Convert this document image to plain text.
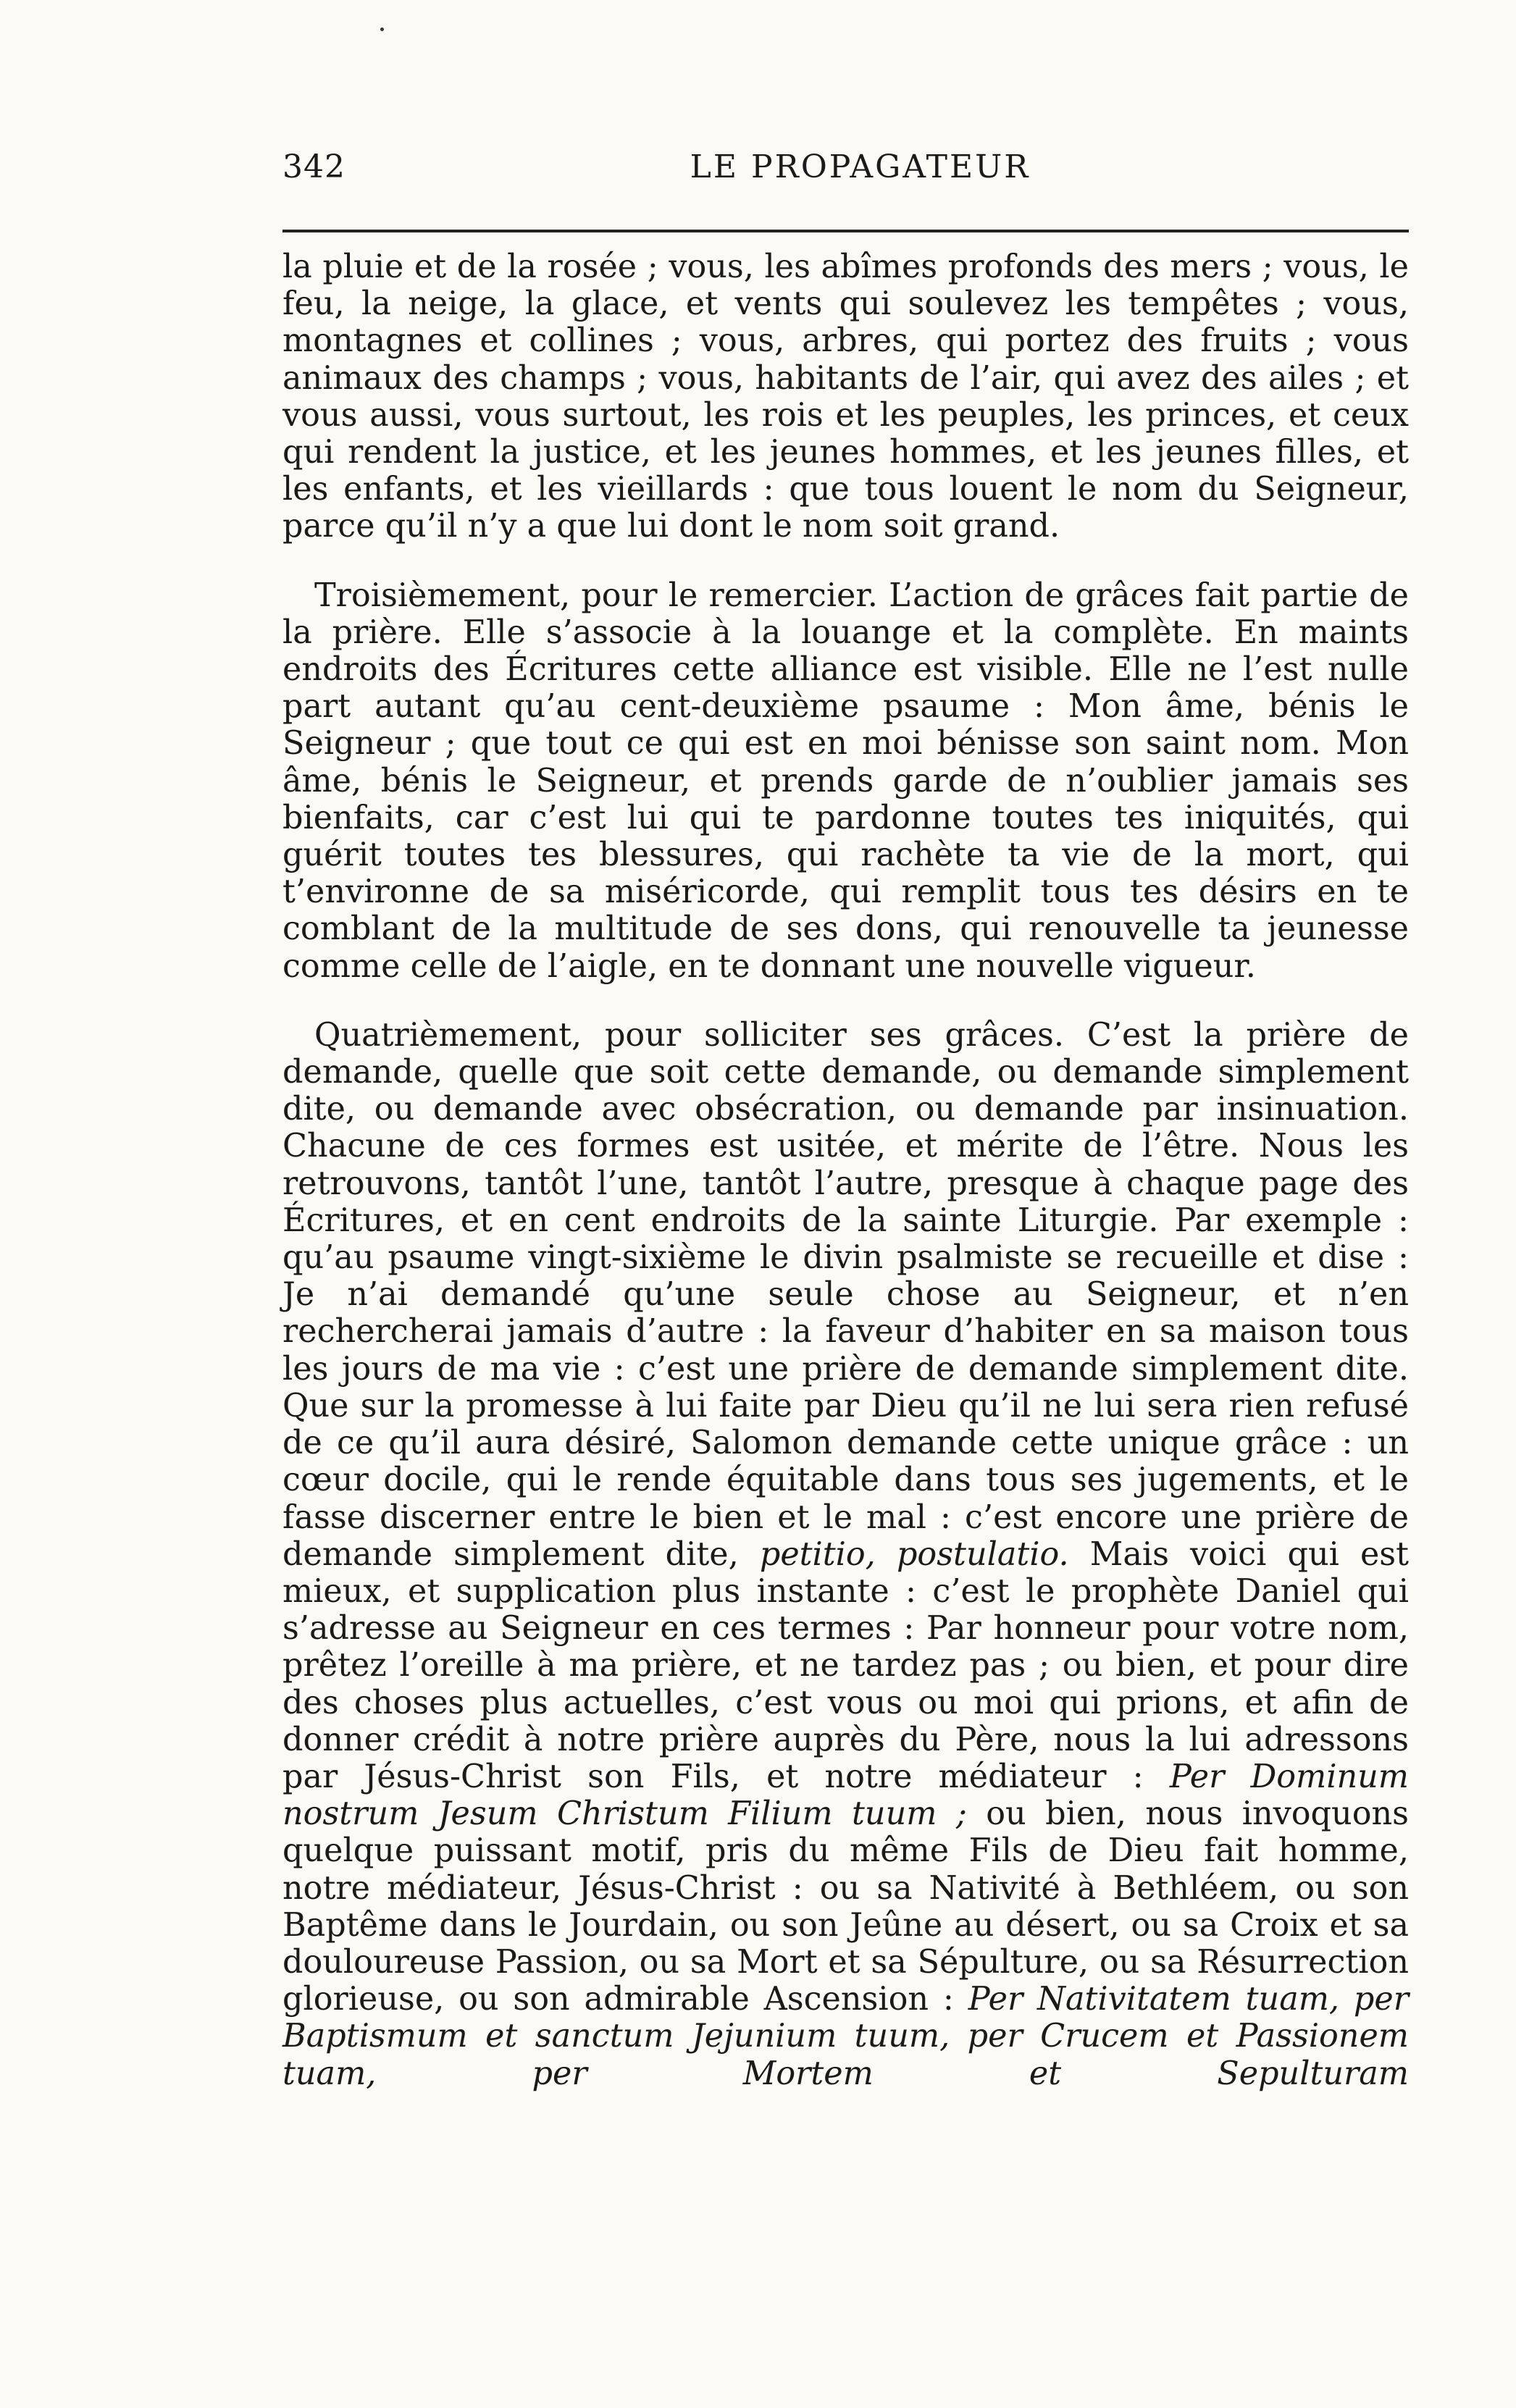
342	LE PROPAGATEUR

la pluie et de la rosée ; vous, les abîmes profonds des mers ; vous, le feu, la neige, la glace, et vents qui soulevez les tempêtes ; vous, montagnes et collines ; vous, arbres, qui portez des fruits ; vous animaux des champs ; vous, habitants de l’air, qui avez des ailes ; et vous aussi, vous surtout, les rois et les peuples, les princes, et ceux qui rendent la justice, et les jeunes hommes, et les jeunes filles, et les enfants, et les vieillards : que tous louent le nom du Seigneur, parce qu’il n’y a que lui dont le nom soit grand.

Troisièmement, pour le remercier. L’action de grâces fait partie de la prière. Elle s’associe à la louange et la complète. En maints endroits des Écritures cette alliance est visible. Elle ne l’est nulle part autant qu’au cent-deuxième psaume : Mon âme, bénis le Seigneur ; que tout ce qui est en moi bénisse son saint nom. Mon âme, bénis le Seigneur, et prends garde de n’oublier jamais ses bienfaits, car c’est lui qui te pardonne toutes tes iniquités, qui guérit toutes tes blessures, qui rachète ta vie de la mort, qui t’environne de sa miséricorde, qui remplit tous tes désirs en te comblant de la multitude de ses dons, qui renouvelle ta jeunesse comme celle de l’aigle, en te donnant une nouvelle vigueur.

Quatrièmement, pour solliciter ses grâces. C’est la prière de demande, quelle que soit cette demande, ou demande simplement dite, ou demande avec obsécration, ou demande par insinuation. Chacune de ces formes est usitée, et mérite de l’être. Nous les retrouvons, tantôt l’une, tantôt l’autre, presque à chaque page des Écritures, et en cent endroits de la sainte Liturgie. Par exemple : qu’au psaume vingt-sixième le divin psalmiste se recueille et dise : Je n’ai demandé qu’une seule chose au Seigneur, et n’en rechercherai jamais d’autre : la faveur d’habiter en sa maison tous les jours de ma vie : c’est une prière de demande simplement dite. Que sur la promesse à lui faite par Dieu qu’il ne lui sera rien refusé de ce qu’il aura désiré, Salomon demande cette unique grâce : un cœur docile, qui le rende équitable dans tous ses jugements, et le fasse discerner entre le bien et le mal : c’est encore une prière de demande simplement dite, petitio, postulatio. Mais voici qui est mieux, et supplication plus instante : c’est le prophète Daniel qui s’adresse au Seigneur en ces termes : Par honneur pour votre nom, prêtez l’oreille à ma prière, et ne tardez pas ; ou bien, et pour dire des choses plus actuelles, c’est vous ou moi qui prions, et afin de donner crédit à notre prière auprès du Père, nous la lui adressons par Jésus-Christ son Fils, et notre médiateur : Per Dominum nostrum Jesum Christum Filium tuum ; ou bien, nous invoquons quelque puissant motif, pris du même Fils de Dieu fait homme, notre médiateur, Jésus-Christ : ou sa Nativité à Bethléem, ou son Baptême dans le Jourdain, ou son Jeûne au désert, ou sa Croix et sa douloureuse Passion, ou sa Mort et sa Sépulture, ou sa Résurrection glorieuse, ou son admirable Ascension : Per Nativitatem tuam, per Baptismum et sanctum Jejunium tuum, per Crucem et Passionem tuam, per Mortem et Sepulturam
